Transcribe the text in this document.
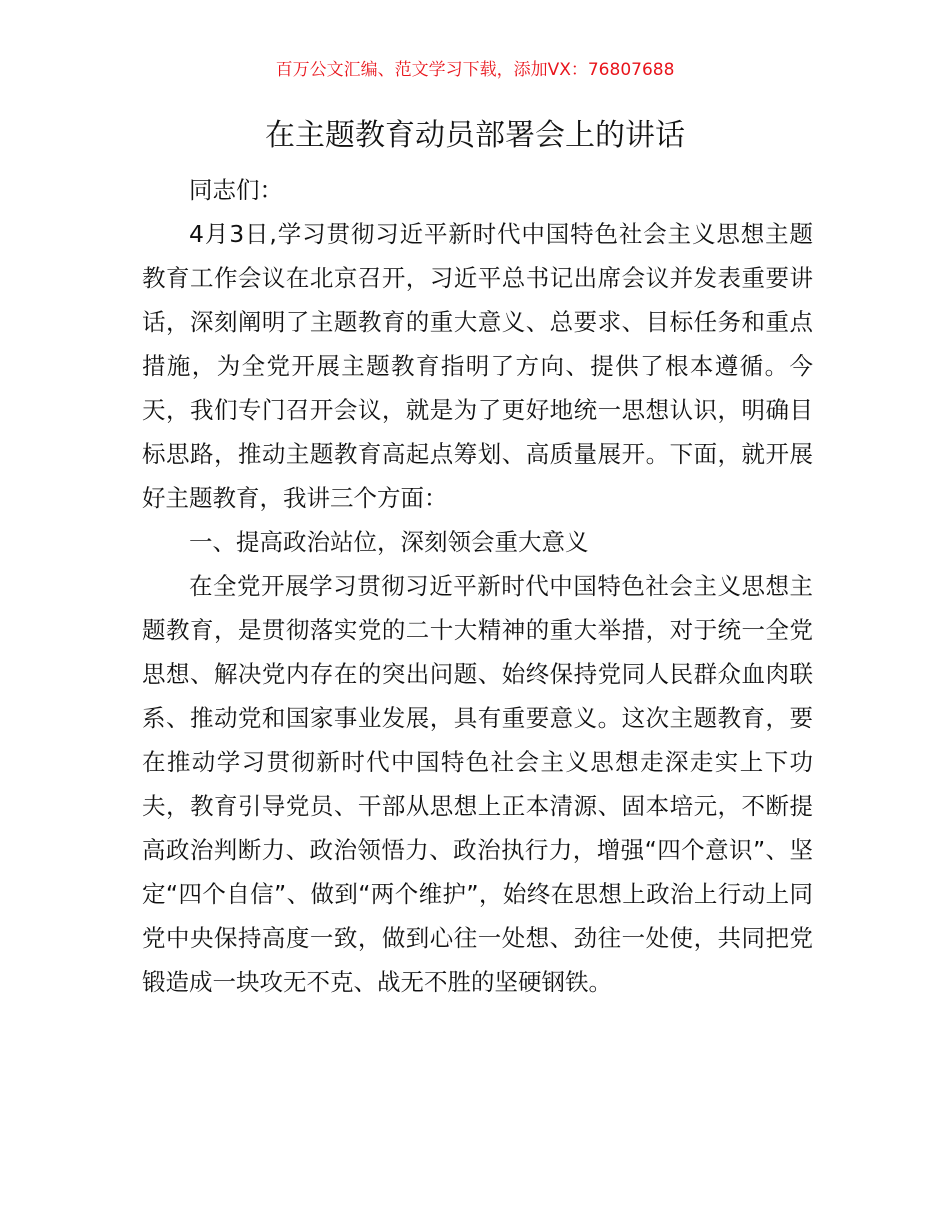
百万公文汇编、范文学习下载，添加VX：76807688
在主题教育动员部署会上的讲话

同志们：

4月3日,学习贯彻习近平新时代中国特色社会主义思想主题教育工作会议在北京召开，习近平总书记出席会议并发表重要讲话，深刻阐明了主题教育的重大意义、总要求、目标任务和重点措施，为全党开展主题教育指明了方向、提供了根本遵循。今天，我们专门召开会议，就是为了更好地统一思想认识，明确目标思路，推动主题教育高起点筹划、高质量展开。下面，就开展好主题教育，我讲三个方面：

一、提高政治站位，深刻领会重大意义

在全党开展学习贯彻习近平新时代中国特色社会主义思想主题教育，是贯彻落实党的二十大精神的重大举措，对于统一全党思想、解决党内存在的突出问题、始终保持党同人民群众血肉联系、推动党和国家事业发展，具有重要意义。这次主题教育，要在推动学习贯彻新时代中国特色社会主义思想走深走实上下功夫，教育引导党员、干部从思想上正本清源、固本培元，不断提高政治判断力、政治领悟力、政治执行力，增强“四个意识”、坚定“四个自信”、做到“两个维护”，始终在思想上政治上行动上同党中央保持高度一致，做到心往一处想、劲往一处使，共同把党锻造成一块攻无不克、战无不胜的坚硬钢铁。
